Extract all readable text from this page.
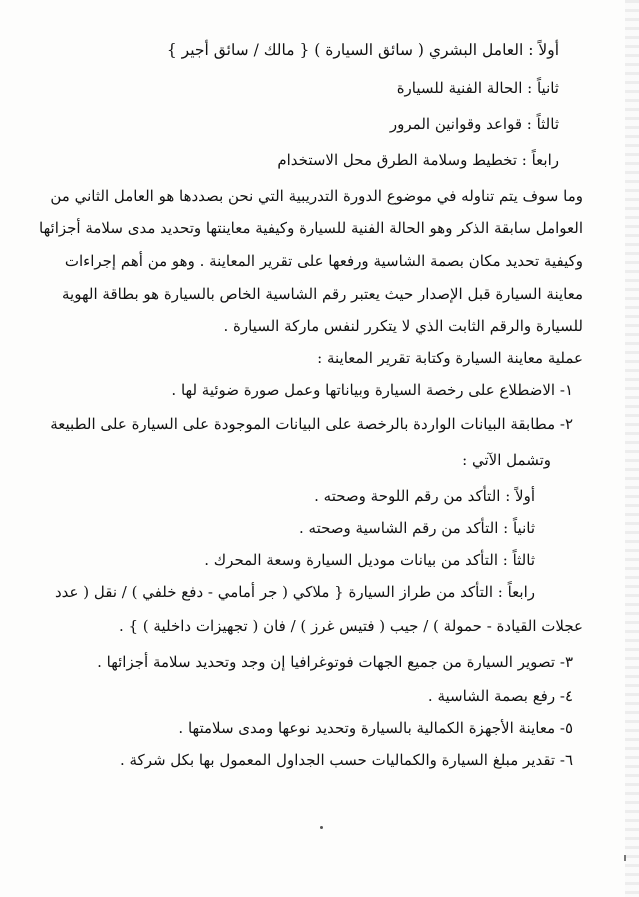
أولاً : العامل البشري ( سائق السيارة ) { مالك / سائق أجير }
ثانياً : الحالة الفنية للسيارة
ثالثاً : قواعد وقوانين المرور
رابعاً : تخطيط وسلامة الطرق محل الاستخدام
وما سوف يتم تناوله في موضوع الدورة التدريبية التي نحن بصددها هو العامل الثاني من
العوامل سابقة الذكر وهو الحالة الفنية للسيارة وكيفية معاينتها وتحديد مدى سلامة أجزائها
وكيفية تحديد مكان بصمة الشاسية ورفعها على تقرير المعاينة . وهو من أهم إجراءات
معاينة السيارة قبل الإصدار حيث يعتبر رقم الشاسية الخاص بالسيارة هو بطاقة الهوية
للسيارة والرقم الثابت الذي لا يتكرر لنفس ماركة السيارة .
عملية معاينة السيارة وكتابة تقرير المعاينة :
١- الاضطلاع على رخصة السيارة وبياناتها وعمل صورة ضوئية لها .
٢- مطابقة البيانات الواردة بالرخصة على البيانات الموجودة على السيارة على الطبيعة
وتشمل الآتي :
أولاً : التأكد من رقم اللوحة وصحته .
ثانياً : التأكد من رقم الشاسية وصحته .
ثالثاً : التأكد من بيانات موديل السيارة وسعة المحرك .
رابعاً : التأكد من طراز السيارة { ملاكي ( جر أمامي - دفع خلفي ) / نقل ( عدد
عجلات القيادة - حمولة ) / جيب ( فتيس غرز ) / فان ( تجهيزات داخلية ) } .
٣- تصوير السيارة من جميع الجهات فوتوغرافيا إن وجد وتحديد سلامة أجزائها .
٤- رفع بصمة الشاسية .
٥- معاينة الأجهزة الكمالية بالسيارة وتحديد نوعها ومدى سلامتها .
٦- تقدير مبلغ السيارة والكماليات حسب الجداول المعمول بها بكل شركة .
